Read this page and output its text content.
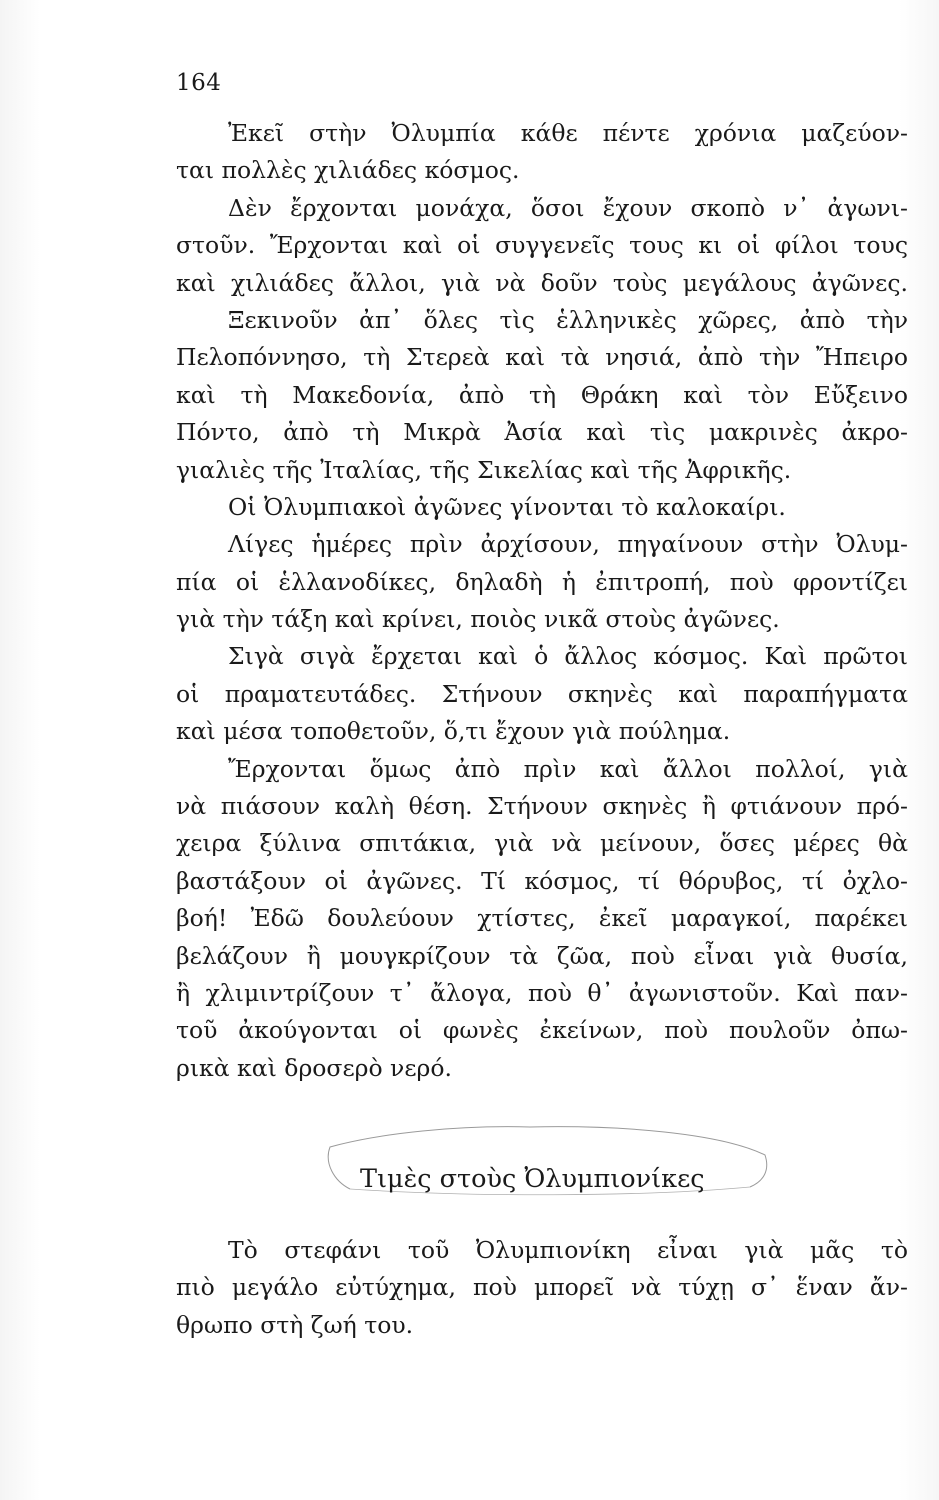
164
Ἐκεῖ στὴν Ὀλυμπία κάθε πέντε χρόνια μαζεύον-
ται πολλὲς χιλιάδες κόσμος.
Δὲν ἔρχονται μονάχα, ὅσοι ἔχουν σκοπὸ ν᾿ ἀγωνι-
στοῦν. Ἔρχονται καὶ οἱ συγγενεῖς τους κι οἱ φίλοι τους
καὶ χιλιάδες ἄλλοι, γιὰ νὰ δοῦν τοὺς μεγάλους ἀγῶνες.
Ξεκινοῦν ἀπ᾿ ὅλες τὶς ἑλληνικὲς χῶρες, ἀπὸ τὴν
Πελοπόννησο, τὴ Στερεὰ καὶ τὰ νησιά, ἀπὸ τὴν Ἤπειρο
καὶ τὴ Μακεδονία, ἀπὸ τὴ Θράκη καὶ τὸν Εὔξεινο
Πόντο, ἀπὸ τὴ Μικρὰ Ἀσία καὶ τὶς μακρινὲς ἀκρο-
γιαλιὲς τῆς Ἰταλίας, τῆς Σικελίας καὶ τῆς Ἀφρικῆς.
Οἱ Ὀλυμπιακοὶ ἀγῶνες γίνονται τὸ καλοκαίρι.
Λίγες ἡμέρες πρὶν ἀρχίσουν, πηγαίνουν στὴν Ὀλυμ-
πία οἱ ἑλλανοδίκες, δηλαδὴ ἡ ἐπιτροπή, ποὺ φροντίζει
γιὰ τὴν τάξη καὶ κρίνει, ποιὸς νικᾶ στοὺς ἀγῶνες.
Σιγὰ σιγὰ ἔρχεται καὶ ὁ ἄλλος κόσμος. Καὶ πρῶτοι
οἱ πραματευτάδες. Στήνουν σκηνὲς καὶ παραπήγματα
καὶ μέσα τοποθετοῦν, ὅ,τι ἔχουν γιὰ πούλημα.
Ἔρχονται ὅμως ἀπὸ πρὶν καὶ ἄλλοι πολλοί, γιὰ
νὰ πιάσουν καλὴ θέση. Στήνουν σκηνὲς ἢ φτιάνουν πρό-
χειρα ξύλινα σπιτάκια, γιὰ νὰ μείνουν, ὅσες μέρες θὰ
βαστάξουν οἱ ἀγῶνες. Τί κόσμος, τί θόρυβος, τί ὀχλο-
βοή! Ἐδῶ δουλεύουν χτίστες, ἐκεῖ μαραγκοί, παρέκει
βελάζουν ἢ μουγκρίζουν τὰ ζῶα, ποὺ εἶναι γιὰ θυσία,
ἢ χλιμιντρίζουν τ᾿ ἄλογα, ποὺ θ᾿ ἀγωνιστοῦν. Καὶ παν-
τοῦ ἀκούγονται οἱ φωνὲς ἐκείνων, ποὺ πουλοῦν ὀπω-
ρικὰ καὶ δροσερὸ νερό.
Τιμὲς στοὺς Ὀλυμπιονίκες
Τὸ στεφάνι τοῦ Ὀλυμπιονίκη εἶναι γιὰ μᾶς τὸ
πιὸ μεγάλο εὐτύχημα, ποὺ μπορεῖ νὰ τύχῃ σ᾿ ἕναν ἄν-
θρωπο στὴ ζωή του.
